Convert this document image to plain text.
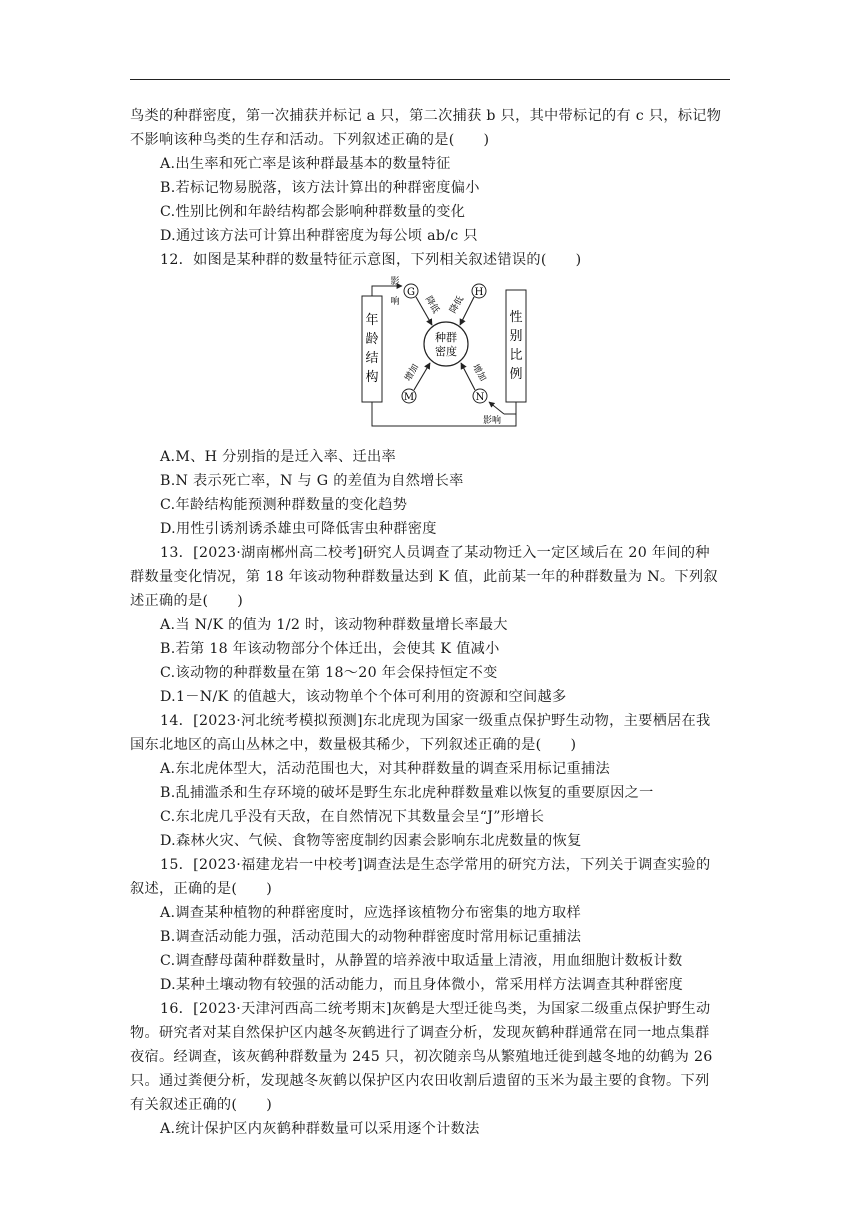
鸟类的种群密度，第一次捕获并标记 a 只，第二次捕获 b 只，其中带标记的有 c 只，标记物
不影响该种鸟类的生存和活动。下列叙述正确的是(　　)
A.出生率和死亡率是该种群最基本的数量特征
B.若标记物易脱落，该方法计算出的种群密度偏小
C.性别比例和年龄结构都会影响种群数量的变化
D.通过该方法可计算出种群密度为每公顷 ab/c 只
12．如图是某种群的数量特征示意图，下列相关叙述错误的(　　)
年
龄
结
构
性
别
比
例
种群
密度
G	H
M	N
降低 降低
增加	增加
影
响
影响
A.M、H 分别指的是迁入率、迁出率
B.N 表示死亡率，N 与 G 的差值为自然增长率
C.年龄结构能预测种群数量的变化趋势
D.用性引诱剂诱杀雄虫可降低害虫种群密度
13．[2023·湖南郴州高二校考]研究人员调查了某动物迁入一定区域后在 20 年间的种
群数量变化情况，第 18 年该动物种群数量达到 K 值，此前某一年的种群数量为 N。下列叙
述正确的是(　　)
A.当 N/K 的值为 1/2 时，该动物种群数量增长率最大
B.若第 18 年该动物部分个体迁出，会使其 K 值减小
C.该动物的种群数量在第 18～20 年会保持恒定不变
D.1－N/K 的值越大，该动物单个个体可利用的资源和空间越多
14．[2023·河北统考模拟预测]东北虎现为国家一级重点保护野生动物，主要栖居在我
国东北地区的高山丛林之中，数量极其稀少，下列叙述正确的是(　　)
A.东北虎体型大，活动范围也大，对其种群数量的调查采用标记重捕法
B.乱捕滥杀和生存环境的破坏是野生东北虎种群数量难以恢复的重要原因之一
C.东北虎几乎没有天敌，在自然情况下其数量会呈“J”形增长
D.森林火灾、气候、食物等密度制约因素会影响东北虎数量的恢复
15．[2023·福建龙岩一中校考]调查法是生态学常用的研究方法，下列关于调查实验的
叙述，正确的是(　　)
A.调查某种植物的种群密度时，应选择该植物分布密集的地方取样
B.调查活动能力强，活动范围大的动物种群密度时常用标记重捕法
C.调查酵母菌种群数量时，从静置的培养液中取适量上清液，用血细胞计数板计数
D.某种土壤动物有较强的活动能力，而且身体微小，常采用样方法调查其种群密度
16．[2023·天津河西高二统考期末]灰鹤是大型迁徙鸟类，为国家二级重点保护野生动
物。研究者对某自然保护区内越冬灰鹤进行了调查分析，发现灰鹤种群通常在同一地点集群
夜宿。经调查，该灰鹤种群数量为 245 只，初次随亲鸟从繁殖地迁徙到越冬地的幼鹤为 26
只。通过粪便分析，发现越冬灰鹤以保护区内农田收割后遗留的玉米为最主要的食物。下列
有关叙述正确的(　　)
A.统计保护区内灰鹤种群数量可以采用逐个计数法
